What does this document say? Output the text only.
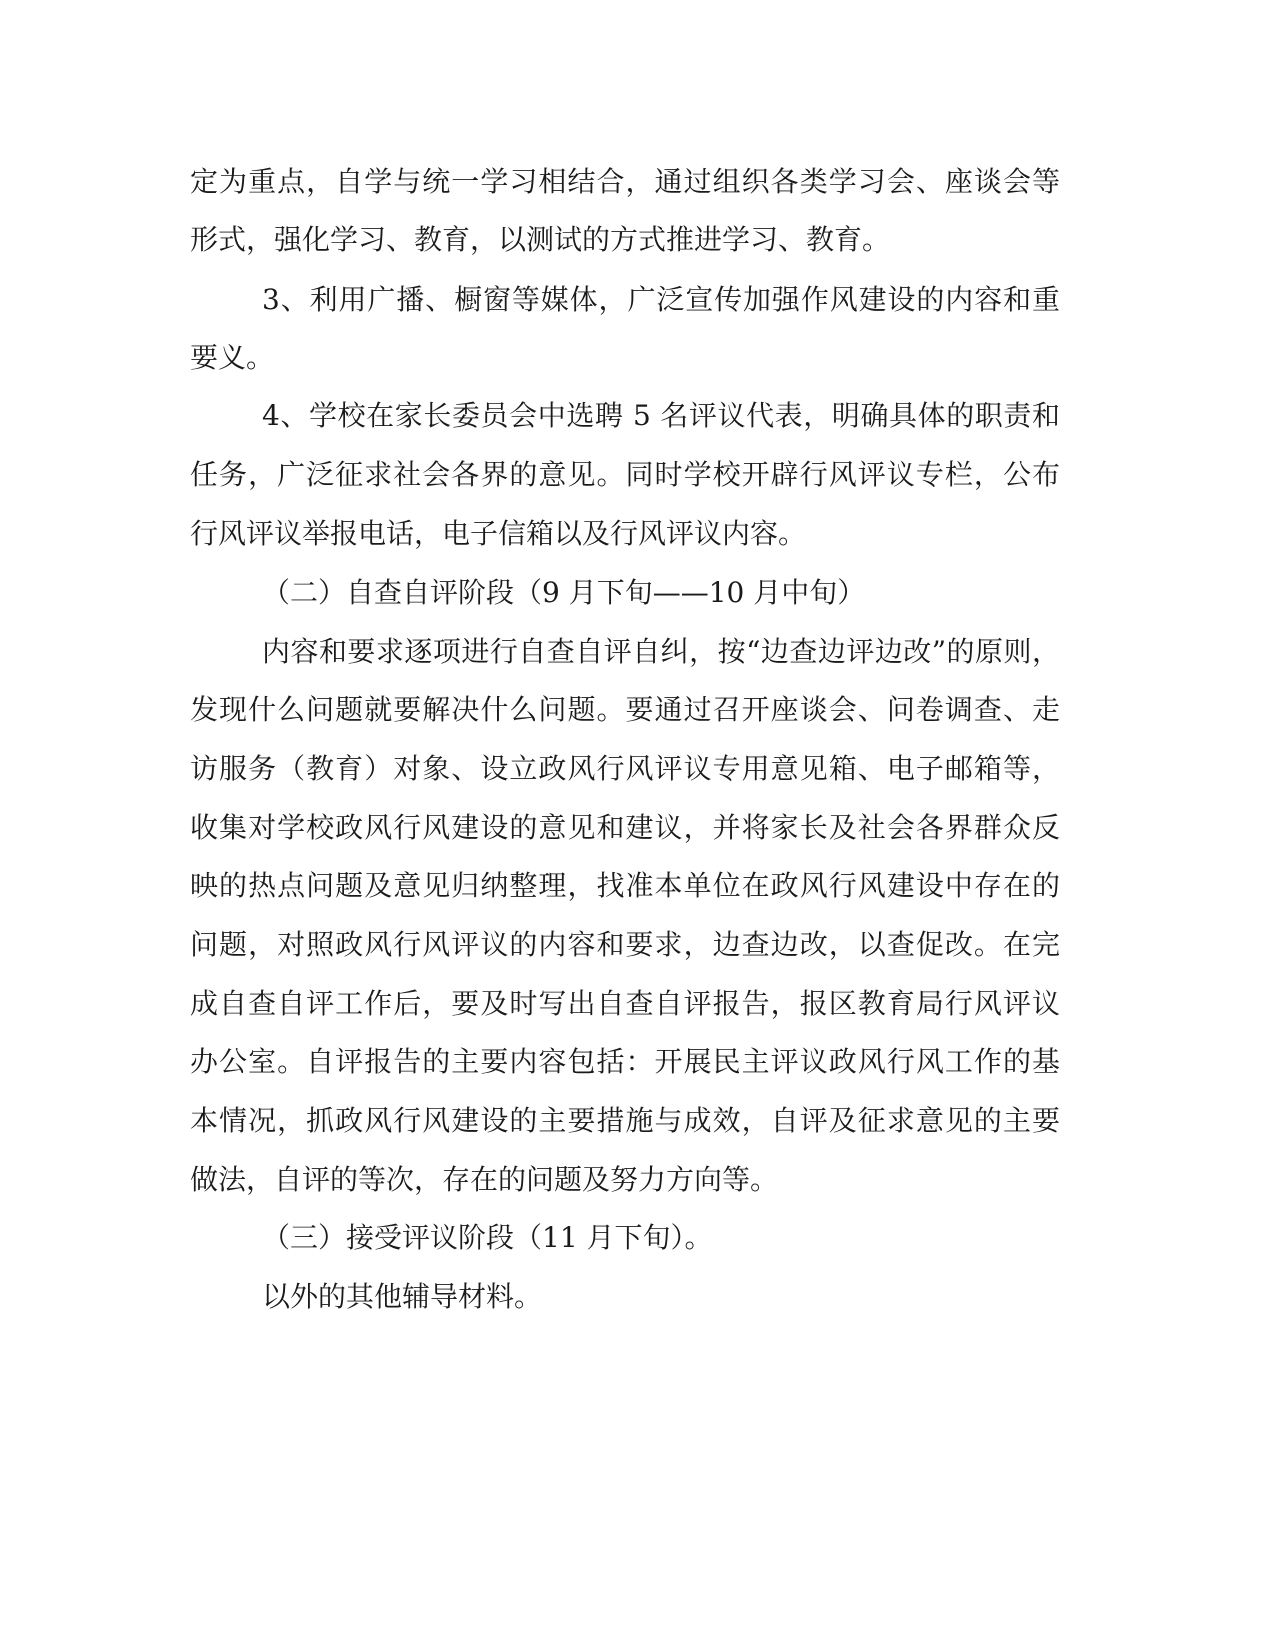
定为重点，自学与统一学习相结合，通过组织各类学习会、座谈会等
形式，强化学习、教育，以测试的方式推进学习、教育。
3、利用广播、橱窗等媒体，广泛宣传加强作风建设的内容和重
要义。
4、学校在家长委员会中选聘 5 名评议代表，明确具体的职责和
任务，广泛征求社会各界的意见。同时学校开辟行风评议专栏，公布
行风评议举报电话，电子信箱以及行风评议内容。
（二）自查自评阶段（9 月下旬——10 月中旬）
内容和要求逐项进行自查自评自纠，按“边查边评边改”的原则，
发现什么问题就要解决什么问题。要通过召开座谈会、问卷调查、走
访服务（教育）对象、设立政风行风评议专用意见箱、电子邮箱等，
收集对学校政风行风建设的意见和建议，并将家长及社会各界群众反
映的热点问题及意见归纳整理，找准本单位在政风行风建设中存在的
问题，对照政风行风评议的内容和要求，边查边改，以查促改。在完
成自查自评工作后，要及时写出自查自评报告，报区教育局行风评议
办公室。自评报告的主要内容包括：开展民主评议政风行风工作的基
本情况，抓政风行风建设的主要措施与成效，自评及征求意见的主要
做法，自评的等次，存在的问题及努力方向等。
（三）接受评议阶段（11 月下旬）。
以外的其他辅导材料。
